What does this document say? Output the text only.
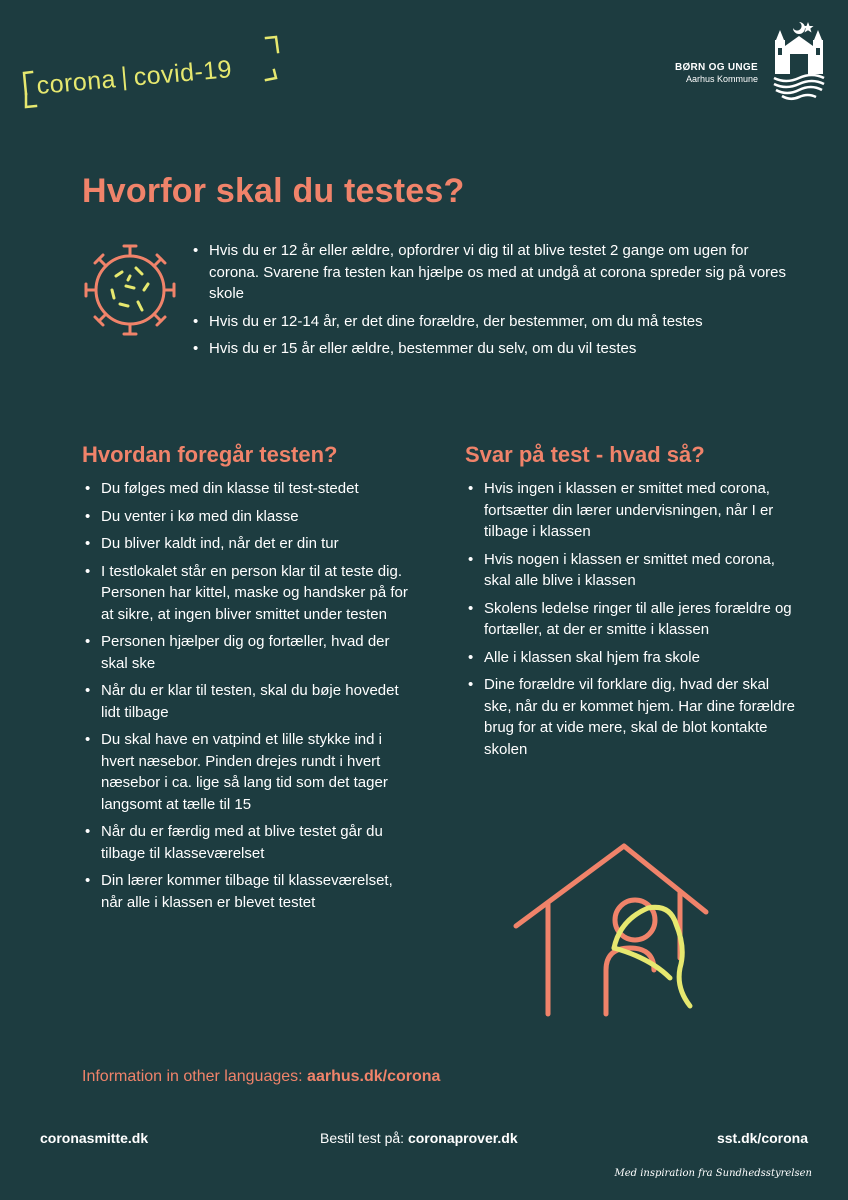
corona covid-19	BØRN OG UNGE
Aarhus Kommune
Hvorfor skal du testes?
• Hvis du er 12 år eller ældre, opfordrer vi dig til at blive testet 2 gange om ugen for corona. Svarene fra testen kan hjælpe os med at undgå at corona spreder sig på vores skole
• Hvis du er 12-14 år, er det dine forældre, der bestemmer, om du må testes
• Hvis du er 15 år eller ældre, bestemmer du selv, om du vil testes
Hvordan foregår testen?	Svar på test - hvad så?
• Du følges med din klasse til test-stedet
• Du venter i kø med din klasse
• Du bliver kaldt ind, når det er din tur
• I testlokalet står en person klar til at teste dig. Personen har kittel, maske og handsker på for at sikre, at ingen bliver smittet under testen
• Personen hjælper dig og fortæller, hvad der skal ske
• Når du er klar til testen, skal du bøje hovedet lidt tilbage
• Du skal have en vatpind et lille stykke ind i hvert næsebor. Pinden drejes rundt i hvert næsebor i ca. lige så lang tid som det tager langsomt at tælle til 15
• Når du er færdig med at blive testet går du tilbage til klasseværelset
• Din lærer kommer tilbage til klasseværelset, når alle i klassen er blevet testet
• Hvis ingen i klassen er smittet med corona, fortsætter din lærer undervisningen, når I er tilbage i klassen
• Hvis nogen i klassen er smittet med corona, skal alle blive i klassen
• Skolens ledelse ringer til alle jeres forældre og fortæller, at der er smitte i klassen
• Alle i klassen skal hjem fra skole
• Dine forældre vil forklare dig, hvad der skal ske, når du er kommet hjem. Har dine forældre brug for at vide mere, skal de blot kontakte skolen
Information in other languages: aarhus.dk/corona
coronasmitte.dk	Bestil test på: coronaprover.dk	sst.dk/corona
Med inspiration fra Sundhedsstyrelsen
